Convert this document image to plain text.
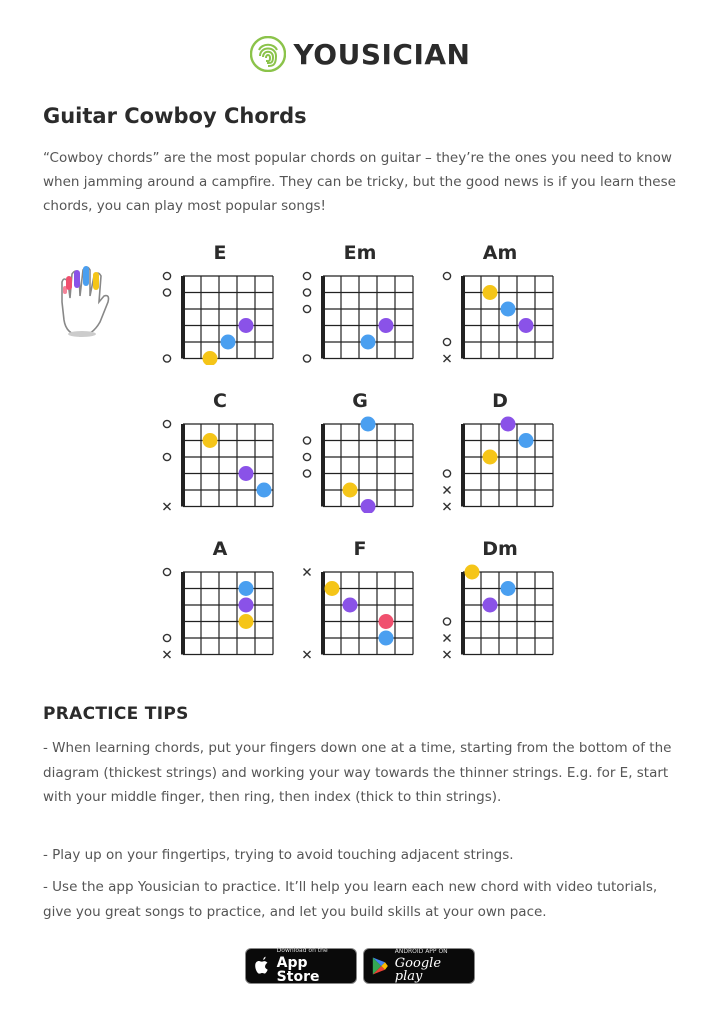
YOUSICIAN
Guitar Cowboy Chords

“Cowboy chords” are the most popular chords on guitar – they’re the ones you need to know when jamming around a campfire. They can be tricky, but the good news is if you learn these chords, you can play most popular songs!

E	Em	Am
C	G	D
A	F	Dm
PRACTICE TIPS

- When learning chords, put your fingers down one at a time, starting from the bottom of the diagram (thickest strings) and working your way towards the thinner strings. E.g. for E, start with your middle finger, then ring, then index (thick to thin strings).

- Play up on your fingertips, trying to avoid touching adjacent strings.

- Use the app Yousician to practice. It’ll help you learn each new chord with video tutorials, give you great songs to practice, and let you build skills at your own pace.

Download on the
App Store
ANDROID APP ON
Google play
